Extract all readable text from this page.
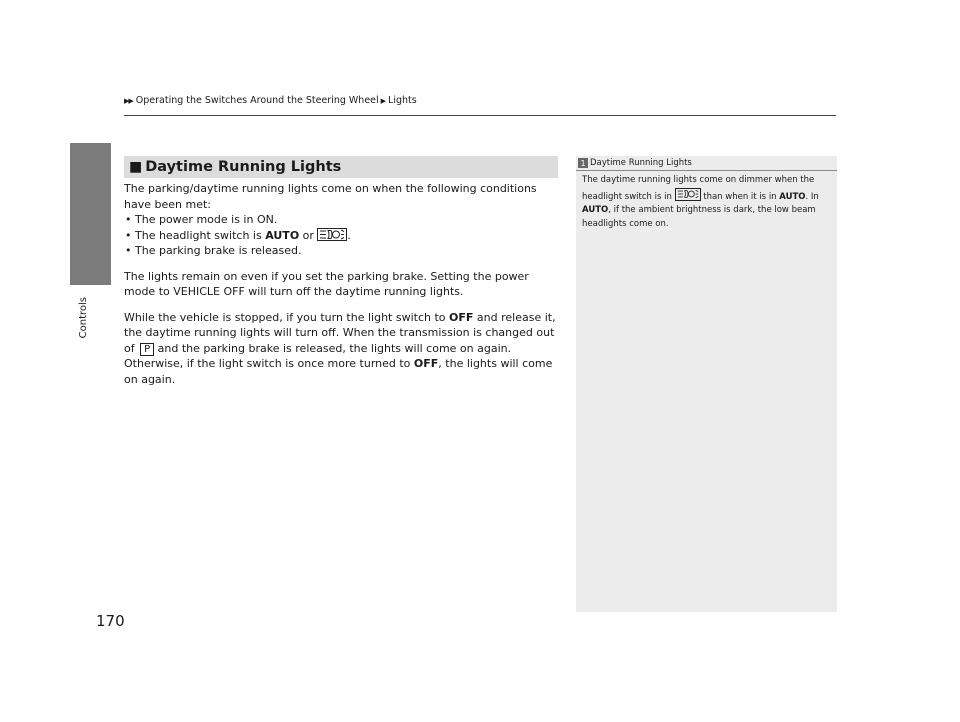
▶▶ Operating the Switches Around the Steering Wheel ▶ Lights
Controls
170
■ Daytime Running Lights

The parking/daytime running lights come on when the following conditions have been met:

• The power mode is in ON.
• The headlight switch is AUTO or	.
• The parking brake is released.

The lights remain on even if you set the parking brake. Setting the power mode to VEHICLE OFF will turn off the daytime running lights.

While the vehicle is stopped, if you turn the light switch to OFF and release it, the daytime running lights will turn off. When the transmission is changed out of P and the parking brake is released, the lights will come on again. Otherwise, if the light switch is once more turned to OFF, the lights will come on again.

1 Daytime Running Lights

The daytime running lights come on dimmer when the headlight switch is in	than when it is in AUTO. In AUTO, if the ambient brightness is dark, the low beam headlights come on.
